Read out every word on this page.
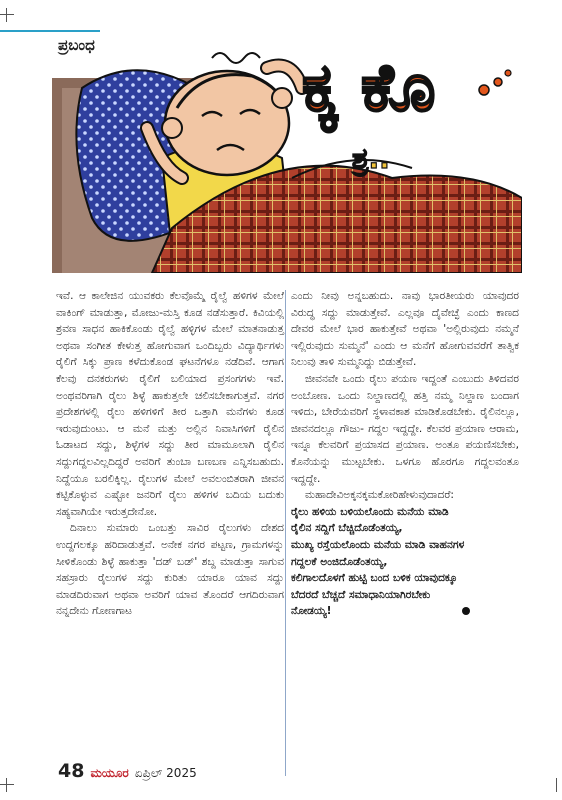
ಪ್ರಬಂಧ
ಕ್ಕ ಕೊ
ಶ್ರ..

ಇವೆ. ಆ ಕಾಲೇಜಿನ ಯುವಕರು ಕೆಲವೊಮ್ಮೆ ರೈಲ್ವೆ ಹಳಿಗಳ ಮೇಲೆ ವಾಕಿಂಗ್ ಮಾಡುತ್ತಾ, ಮೋಜು-ಮಸ್ತಿ ಕೂಡ ನಡೆಸುತ್ತಾರೆ. ಕಿವಿಯಲ್ಲಿ ಶ್ರವಣ ಸಾಧನ ಹಾಕಿಕೊಂಡು ರೈಲ್ವೆ ಹಳ್ಳಿಗಳ ಮೇಲೆ ಮಾತನಾಡುತ್ತ ಅಥವಾ ಸಂಗೀತ ಕೇಳುತ್ತ ಹೋಗುವಾಗ ಒಂದಿಬ್ಬರು ವಿದ್ಯಾರ್ಥಿಗಳು ರೈಲಿಗೆ ಸಿಕ್ಕು ಪ್ರಾಣ ಕಳೆದುಕೊಂಡ ಘಟನೆಗಳೂ ನಡೆದಿವೆ. ಆಗಾಗ ಕೆಲವು ದನಕರುಗಳು ರೈಲಿಗೆ ಬಲಿಯಾದ ಪ್ರಸಂಗಗಳು ಇವೆ. ಅಂಥವರಿಗಾಗಿ ರೈಲು ಶಿಳ್ಳೆ ಹಾಕುತ್ತಲೇ ಚಲಿಸಬೇಕಾಗುತ್ತವೆ. ನಗರ ಪ್ರದೇಶಗಳಲ್ಲಿ ರೈಲು ಹಳಿಗಳಿಗೆ ತೀರ ಒತ್ತಾಗಿ ಮನೆಗಳು ಕೂಡ ಇರುವುದುಂಟು. ಆ ಮನೆ ಮತ್ತು ಅಲ್ಲಿನ ನಿವಾಸಿಗಳಿಗೆ ರೈಲಿನ ಓಡಾಟದ ಸದ್ದು, ಶಿಳ್ಳೆಗಳ ಸದ್ದು ತೀರ ಮಾಮೂಲಾಗಿ ರೈಲಿನ ಸದ್ದುಗದ್ದಲವಿಲ್ಲದಿದ್ದರೆ ಅವರಿಗೆ ತುಂಬಾ ಬಣಬಣ ಎನ್ನಿಸಬಹುದು. ನಿದ್ದೆಯೂ ಬರಲಿಕ್ಕಿಲ್ಲ. ರೈಲುಗಳ ಮೇಲೆ ಅವಲಂಬಿತರಾಗಿ ಜೀವನ ಕಟ್ಟಿಕೊಳ್ಳುವ ಎಷ್ಟೋ ಜನರಿಗೆ ರೈಲು ಹಳಿಗಳ ಬದಿಯ ಬದುಕು ಸಹ್ಯವಾಗಿಯೇ ಇರುತ್ತದೇನೋ.

ದಿನಾಲು ಸುಮಾರು ಒಂಬತ್ತು ಸಾವಿರ ರೈಲುಗಳು ದೇಶದ ಉದ್ದಗಲಕ್ಕೂ ಹರಿದಾಡುತ್ತವೆ. ಅನೇಕ ನಗರ ಪಟ್ಟಣ, ಗ್ರಾಮಗಳನ್ನು ಸೀಳಿಕೊಂಡು ಶಿಳ್ಳೆ ಹಾಕುತ್ತಾ 'ದಡ್ ಬಡ್' ಶಬ್ದ ಮಾಡುತ್ತಾ ಸಾಗುವ ಸಹಸ್ರಾರು ರೈಲುಗಳ ಸದ್ದು ಕುರಿತು ಯಾರೂ ಯಾವ ಸದ್ದು ಮಾಡದಿರುವಾಗ ಅಥವಾ ಅವರಿಗೆ ಯಾವ ತೊಂದರೆ ಆಗದಿರುವಾಗ ನನ್ನದೇನು ಗೋಣಗಾಟ

ಎಂದು ನೀವು ಅನ್ನಬಹುದು. ನಾವು ಭಾರತೀಯರು ಯಾವುದರ ವಿರುದ್ಧ ಸದ್ದು ಮಾಡುತ್ತೇವೆ. ಎಲ್ಲವೂ ದೈವೇಚ್ಛೆ ಎಂದು ಕಾಣದ ದೇವರ ಮೇಲೆ ಭಾರ ಹಾಕುತ್ತೇವೆ ಅಥವಾ 'ಅಲ್ಲಿರುವುದು ನಮ್ಮನೆ ಇಲ್ಲಿರುವುದು ಸುಮ್ಮನೆ' ಎಂದು ಆ ಮನೆಗೆ ಹೋಗುವವರೆಗೆ ತಾತ್ವಿಕ ನಿಲುವು ತಾಳಿ ಸುಮ್ಮನಿದ್ದು ಬಿಡುತ್ತೇವೆ.

ಜೀವನವೇ ಒಂದು ರೈಲು ಪಯಣ ಇದ್ದಂತೆ ಎಂಬುದು ತಿಳಿದವರ ಅಂಬೋಣ. ಒಂದು ನಿಲ್ದಾಣದಲ್ಲಿ ಹತ್ತಿ ನಮ್ಮ ನಿಲ್ದಾಣ ಬಂದಾಗ ಇಳಿದು, ಬೇರೆಯವರಿಗೆ ಸ್ಥಳಾವಕಾಶ ಮಾಡಿಕೊಡಬೇಕು. ರೈಲಿನಲ್ಲೂ, ಜೀವನದಲ್ಲೂ ಗೌಜು- ಗದ್ದಲ ಇದ್ದದ್ದೇ. ಕೆಲವರ ಪ್ರಯಾಣ ಆರಾಮ, ಇನ್ನೂ ಕೆಲವರಿಗೆ ಪ್ರಯಾಸದ ಪ್ರಯಾಣ. ಅಂತೂ ಪಯಣಿಸಬೇಕು, ಕೊನೆಯನ್ನು ಮುಟ್ಟಬೇಕು. ಒಳಗೂ ಹೊರಗೂ ಗದ್ದಲವಂತೂ ಇದ್ದದ್ದೇ.

ಮಹಾದೇವಿಅಕ್ಕನಕ್ಕಮಕೋರಿಹೇಳುವುದಾದರೆ:

ರೈಲು ಹಳಿಯ ಬಳಿಯಲೊಂದು ಮನೆಯ ಮಾಡಿ
ರೈಲಿನ ಸದ್ದಿಗೆ ಬೆಚ್ಚಿದೊಡೆಂತಯ್ಯ,
ಮುಖ್ಯ ರಸ್ತೆಯಲೊಂದು ಮನೆಯ ಮಾಡಿ ವಾಹನಗಳ
ಗದ್ದಲಕೆ ಅಂಜಿದೊಡೆಂತಯ್ಯ,
ಕಲಿಗಾಲದೊಳಗೆ ಹುಟ್ಟಿ ಬಂದ ಬಳಿಕ ಯಾವುದಕ್ಕೂ
ಬೆದರದೆ ಬೆಚ್ಚದೆ ಸಮಾಧಾನಿಯಾಗಿರಬೇಕು
ನೋಡಯ್ಯ!
48 ಮಯೂರ ಏಪ್ರಿಲ್ 2025
